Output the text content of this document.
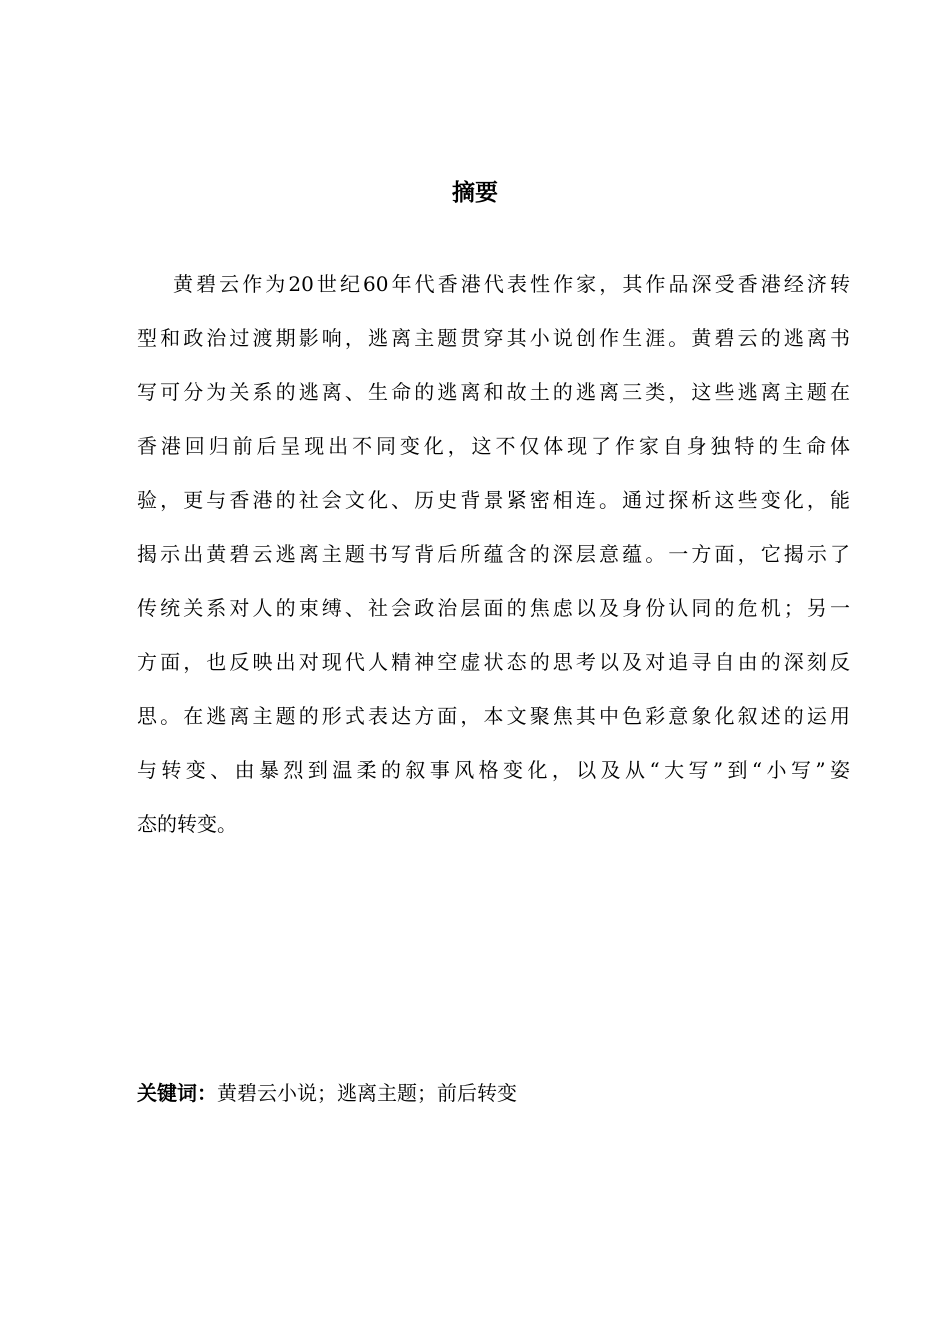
摘要
黄碧云作为20世纪60年代香港代表性作家，其作品深受香港经济转
型和政治过渡期影响，逃离主题贯穿其小说创作生涯。黄碧云的逃离书
写可分为关系的逃离、生命的逃离和故土的逃离三类，这些逃离主题在
香港回归前后呈现出不同变化，这不仅体现了作家自身独特的生命体
验，更与香港的社会文化、历史背景紧密相连。通过探析这些变化，能
揭示出黄碧云逃离主题书写背后所蕴含的深层意蕴。一方面，它揭示了
传统关系对人的束缚、社会政治层面的焦虑以及身份认同的危机；另一
方面，也反映出对现代人精神空虚状态的思考以及对追寻自由的深刻反
思。在逃离主题的形式表达方面，本文聚焦其中色彩意象化叙述的运用
与转变、由暴烈到温柔的叙事风格变化，以及从“大写”到“小写”姿
态的转变。
关键词：黄碧云小说；逃离主题；前后转变
